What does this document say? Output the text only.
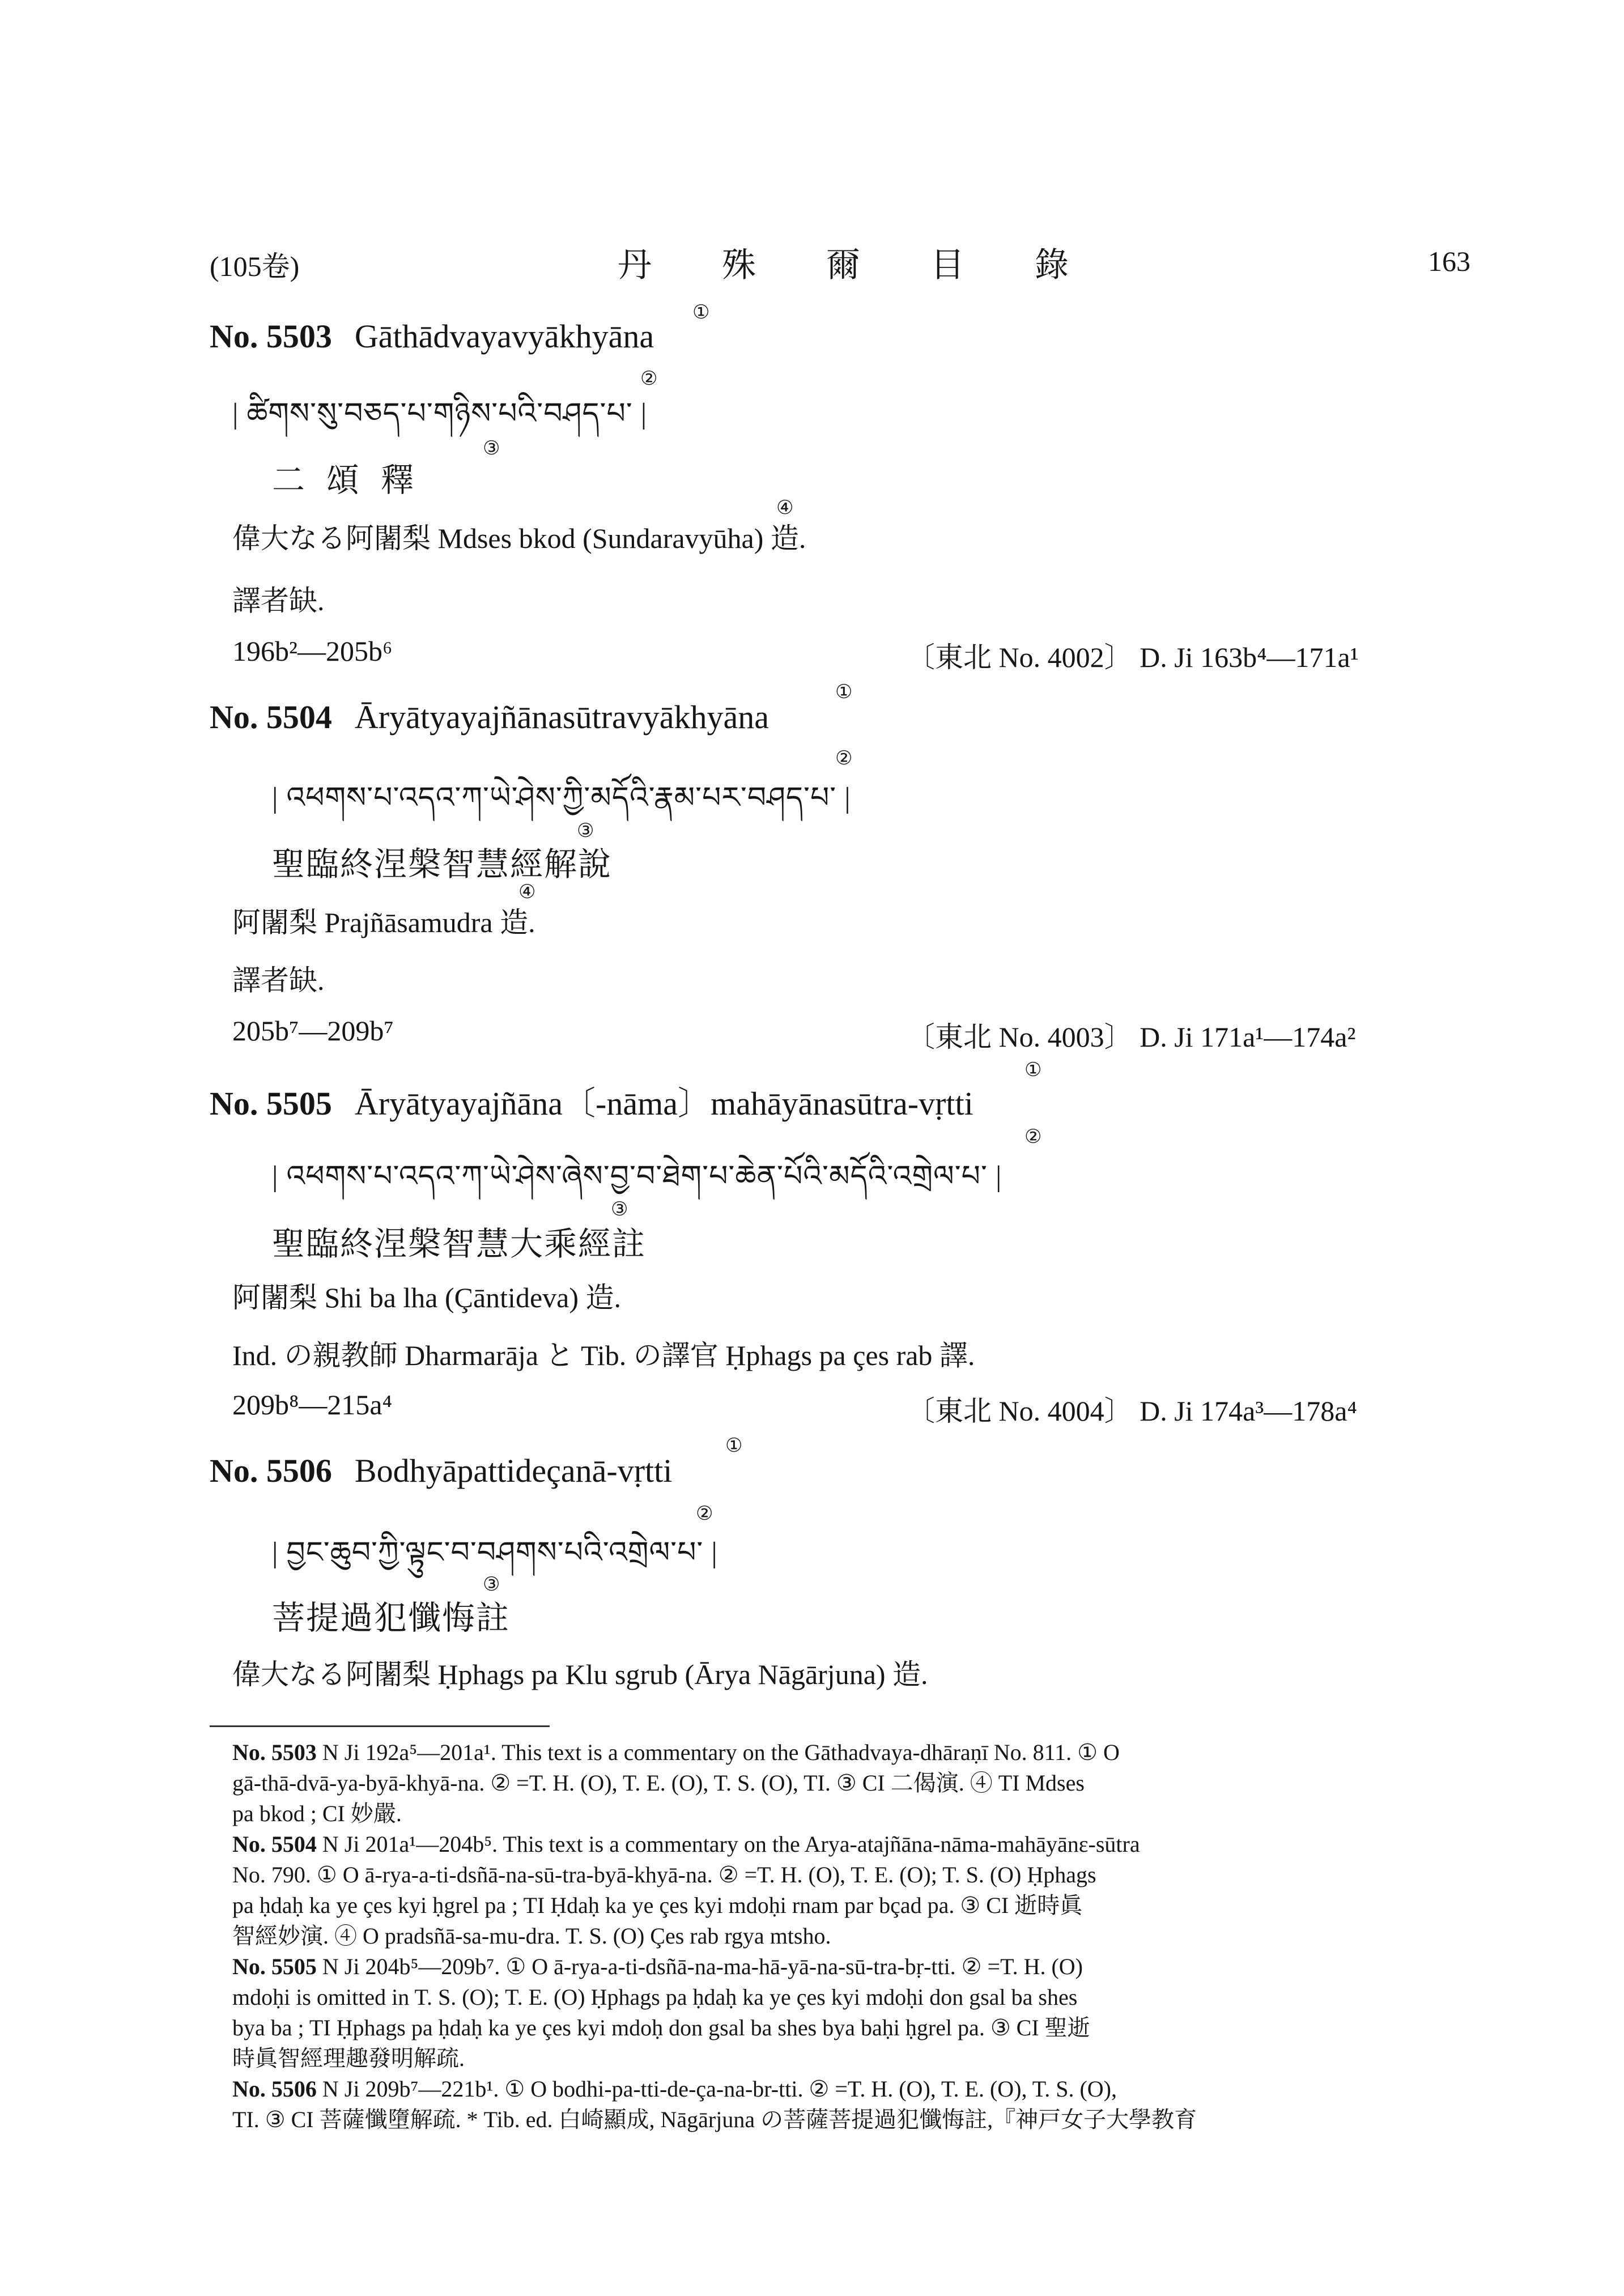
(105卷)	丹 殊 爾 目 錄	163
No. 5503 Gāthādvayavyākhyāna
①
| ཚིགས་སུ་བཅད་པ་གཉིས་པའི་བཤད་པ་ |
②
二頌釋
③
偉大なる阿闍梨 Mdses bkod (Sundaravyūha) 造.
④
譯者缺.
196b²—205b⁶	〔東北 No. 4002〕 D. Ji 163b⁴—171a¹
No. 5504 Āryātyayajñānasūtravyākhyāna
①
| འཕགས་པ་འདའ་ཀ་ཡེ་ཤེས་ཀྱི་མདོའི་རྣམ་པར་བཤད་པ་ |
②
聖臨終涅槃智慧經解說
③
阿闍梨 Prajñāsamudra 造.
④
譯者缺.
205b⁷—209b⁷	〔東北 No. 4003〕 D. Ji 171a¹—174a²
No. 5505 Āryātyayajñāna〔-nāma〕mahāyānasūtra-vṛtti
①
| འཕགས་པ་འདའ་ཀ་ཡེ་ཤེས་ཞེས་བྱ་བ་ཐེག་པ་ཆེན་པོའི་མདོའི་འགྲེལ་པ་ |
②
聖臨終涅槃智慧大乘經註
③
阿闍梨 Shi ba lha (Çāntideva) 造.
Ind. の親教師 Dharmarāja と Tib. の譯官 Ḥphags pa çes rab 譯.
209b⁸—215a⁴	〔東北 No. 4004〕 D. Ji 174a³—178a⁴
No. 5506 Bodhyāpattideçanā-vṛtti
①
| བྱང་ཆུབ་ཀྱི་ལྟུང་བ་བཤགས་པའི་འགྲེལ་པ་ |
②
菩提過犯懺悔註
③
偉大なる阿闍梨 Ḥphags pa Klu sgrub (Ārya Nāgārjuna) 造.
No. 5503 N Ji 192a⁵—201a¹. This text is a commentary on the Gāthadvaya-dhāraṇī No. 811. ① O
gā-thā-dvā-ya-byā-khyā-na. ② =T. H. (O), T. E. (O), T. S. (O), TI. ③ CI 二偈演. ④ TI Mdses
pa bkod ; CI 妙嚴.
No. 5504 N Ji 201a¹—204b⁵. This text is a commentary on the Arya-atajñāna-nāma-mahāyānɛ-sūtra
No. 790. ① O ā-rya-a-ti-dsñā-na-sū-tra-byā-khyā-na. ② =T. H. (O), T. E. (O); T. S. (O) Ḥphags
pa ḥdaḥ ka ye çes kyi ḥgrel pa ; TI Ḥdaḥ ka ye çes kyi mdoḥi rnam par bçad pa. ③ CI 逝時眞
智經妙演. ④ O pradsñā-sa-mu-dra. T. S. (O) Çes rab rgya mtsho.
No. 5505 N Ji 204b⁵—209b⁷. ① O ā-rya-a-ti-dsñā-na-ma-hā-yā-na-sū-tra-bṛ-tti. ② =T. H. (O)
mdoḥi is omitted in T. S. (O); T. E. (O) Ḥphags pa ḥdaḥ ka ye çes kyi mdoḥi don gsal ba shes
bya ba ; TI Ḥphags pa ḥdaḥ ka ye çes kyi mdoḥ don gsal ba shes bya baḥi ḥgrel pa. ③ CI 聖逝
時眞智經理趣發明解疏.
No. 5506 N Ji 209b⁷—221b¹. ① O bodhi-pa-tti-de-ça-na-br-tti. ② =T. H. (O), T. E. (O), T. S. (O),
TI. ③ CI 菩薩懺墮解疏. * Tib. ed. 白崎顯成, Nāgārjuna の菩薩菩提過犯懺悔註,『神戸女子大學教育
